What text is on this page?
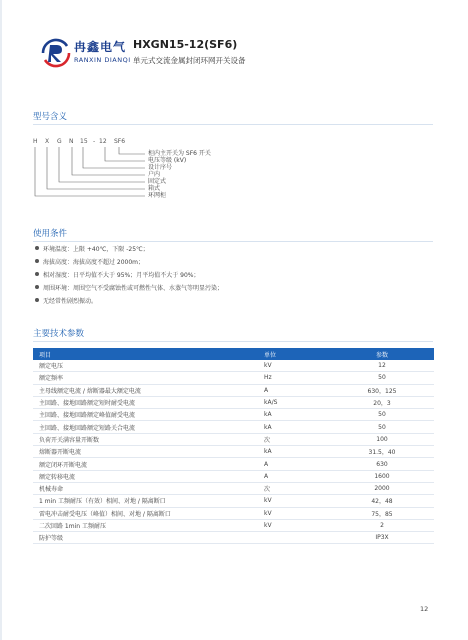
冉鑫电气
RANXIN DIANQI
HXGN15-12(SF6)
单元式交流金属封闭环网开关设备
型号含义
H X G N 15 - 12 SF6
柜内主开关为 SF6 开关
电压等级 (kV)
设计序号
户内
固定式
箱式
环网柜
使用条件
环境温度：上限 +40℃，下限 -25℃；
海拔高度：海拔高度不超过 2000m；
相对湿度：日平均值不大于 95%；月平均值不大于 90%；
周围环境：周围空气不受腐蚀性或可燃性气体、水蒸气等明显污染；
无经常性剧烈振动。
主要技术参数
项目	单位	参数
额定电压	kV	12
额定频率	Hz	50
主母线额定电流 / 熔断器最大额定电流	A	630，125
主回路、接地回路额定短时耐受电流	kA/S	20，3
主回路、接地回路额定峰值耐受电流	kA	50
主回路、接地回路额定短路关合电流	kA	50
负荷开关满容量开断数	次	100
熔断器开断电流	kA	31.5，40
额定闭环开断电流	A	630
额定转移电流	A	1600
机械寿命	次	2000
1 min 工频耐压（有效）相间、对地 / 隔离断口	kV	42，48
雷电冲击耐受电压（峰值）相间、对地 / 隔离断口	kV	75，85
二次回路 1min 工频耐压	kV	2
防护等级		IP3X
12
